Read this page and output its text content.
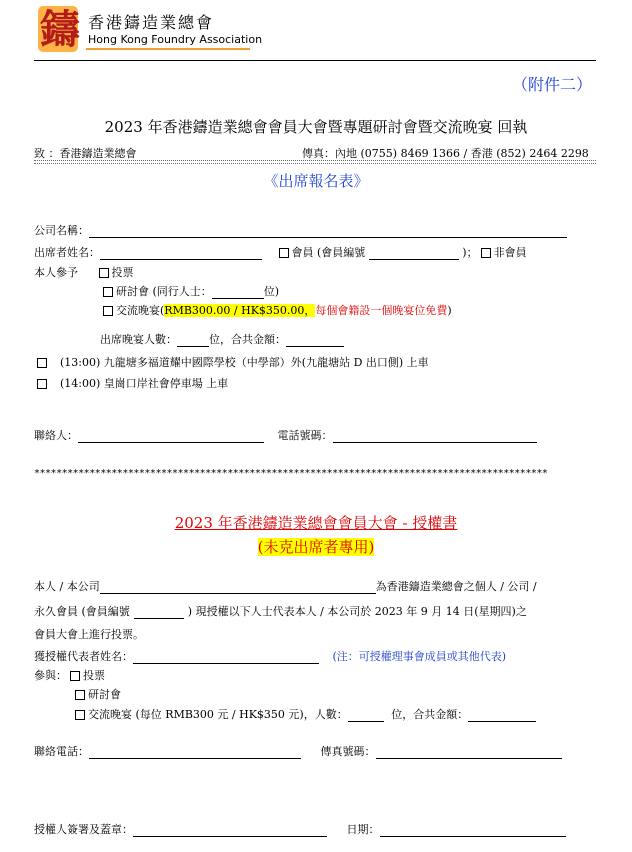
鑄 香港鑄造業總會
Hong Kong Foundry Association
（附件二）
2023 年香港鑄造業總會會員大會暨專題研討會暨交流晚宴 回執
致 ：香港鑄造業總會	傳真：內地 (0755) 8469 1366 / 香港 (852) 2464 2298
《出席報名表》
公司名稱：
出席者姓名：	會員 (會員編號	)； 非會員
本人參予	投票
研討會 (同行人士：	位)
交流晚宴(RMB300.00 / HK$350.00，每個會籍設一個晚宴位免費)
出席晚宴人數：	位，合共金額：
(13:00) 九龍塘多福道耀中國際學校（中學部）外(九龍塘站 D 出口側) 上車
(14:00) 皇崗口岸社會停車場 上車
聯絡人：	電話號碼：
*********************************************************************************************
2023 年香港鑄造業總會會員大會 - 授權書
(未克出席者專用)
本人 / 本公司	為香港鑄造業總會之個人 / 公司 /
永久會員 (會員編號	) 現授權以下人士代表本人 / 本公司於 2023 年 9 月 14 日(星期四)之
會員大會上進行投票。
獲授權代表者姓名：	(注：可授權理事會成員或其他代表)
參與： 投票
研討會
交流晚宴 (每位 RMB300 元 / HK$350 元)，人數：	位，合共金額：
聯絡電話：	傳真號碼：
授權人簽署及蓋章：	日期：
